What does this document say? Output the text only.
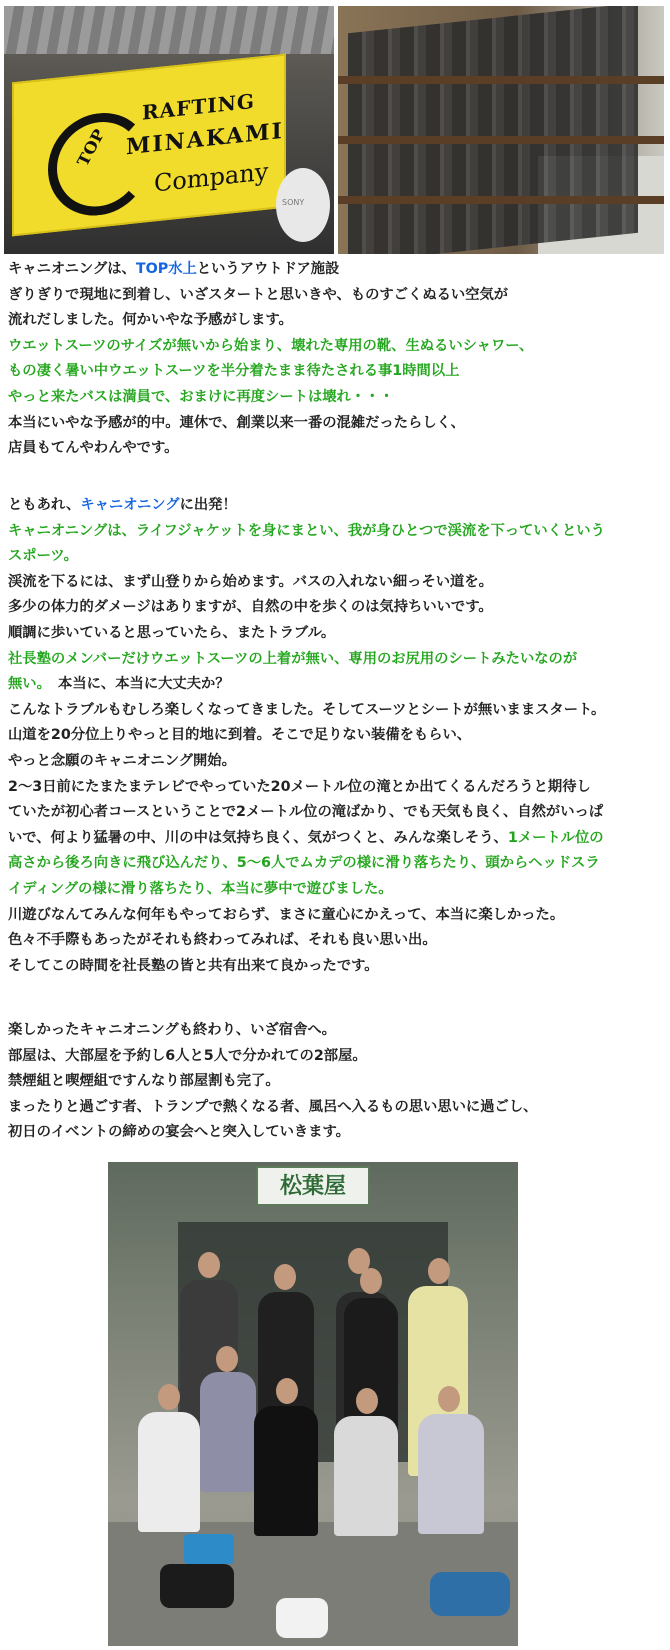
TOP
RAFTING
MINAKAMI
Company
SONY
キャニオニングは、TOP水上というアウトドア施設
ぎりぎりで現地に到着し、いざスタートと思いきや、ものすごくぬるい空気が
流れだしました。何かいやな予感がします。
ウエットスーツのサイズが無いから始まり、壊れた専用の靴、生ぬるいシャワー、
もの凄く暑い中ウエットスーツを半分着たまま待たされる事1時間以上
やっと来たバスは満員で、おまけに再度シートは壊れ・・・
本当にいやな予感が的中。連休で、創業以来一番の混雑だったらしく、
店員もてんやわんやです。
ともあれ、キャニオニングに出発！
キャニオニングは、ライフジャケットを身にまとい、我が身ひとつで渓流を下っていくという
スポーツ。
渓流を下るには、まず山登りから始めます。バスの入れない細っそい道を。
多少の体力的ダメージはありますが、自然の中を歩くのは気持ちいいです。
順調に歩いていると思っていたら、またトラブル。
社長塾のメンバーだけウエットスーツの上着が無い、専用のお尻用のシートみたいなのが
無い。　本当に、本当に大丈夫か？
こんなトラブルもむしろ楽しくなってきました。そしてスーツとシートが無いままスタート。
山道を20分位上りやっと目的地に到着。そこで足りない装備をもらい、
やっと念願のキャニオニング開始。
2～3日前にたまたまテレビでやっていた20メートル位の滝とか出てくるんだろうと期待し
ていたが初心者コースということで2メートル位の滝ばかり、でも天気も良く、自然がいっぱ
いで、何より猛暑の中、川の中は気持ち良く、気がつくと、みんな楽しそう、1メートル位の
高さから後ろ向きに飛び込んだり、5～6人でムカデの様に滑り落ちたり、頭からヘッドスラ
イディングの様に滑り落ちたり、本当に夢中で遊びました。
川遊びなんてみんな何年もやっておらず、まさに童心にかえって、本当に楽しかった。
色々不手際もあったがそれも終わってみれば、それも良い思い出。
そしてこの時間を社長塾の皆と共有出来て良かったです。
楽しかったキャニオニングも終わり、いざ宿舎へ。
部屋は、大部屋を予約し6人と5人で分かれての2部屋。
禁煙組と喫煙組ですんなり部屋割も完了。
まったりと過ごす者、トランプで熱くなる者、風呂へ入るもの思い思いに過ごし、
初日のイベントの締めの宴会へと突入していきます。
松葉屋
